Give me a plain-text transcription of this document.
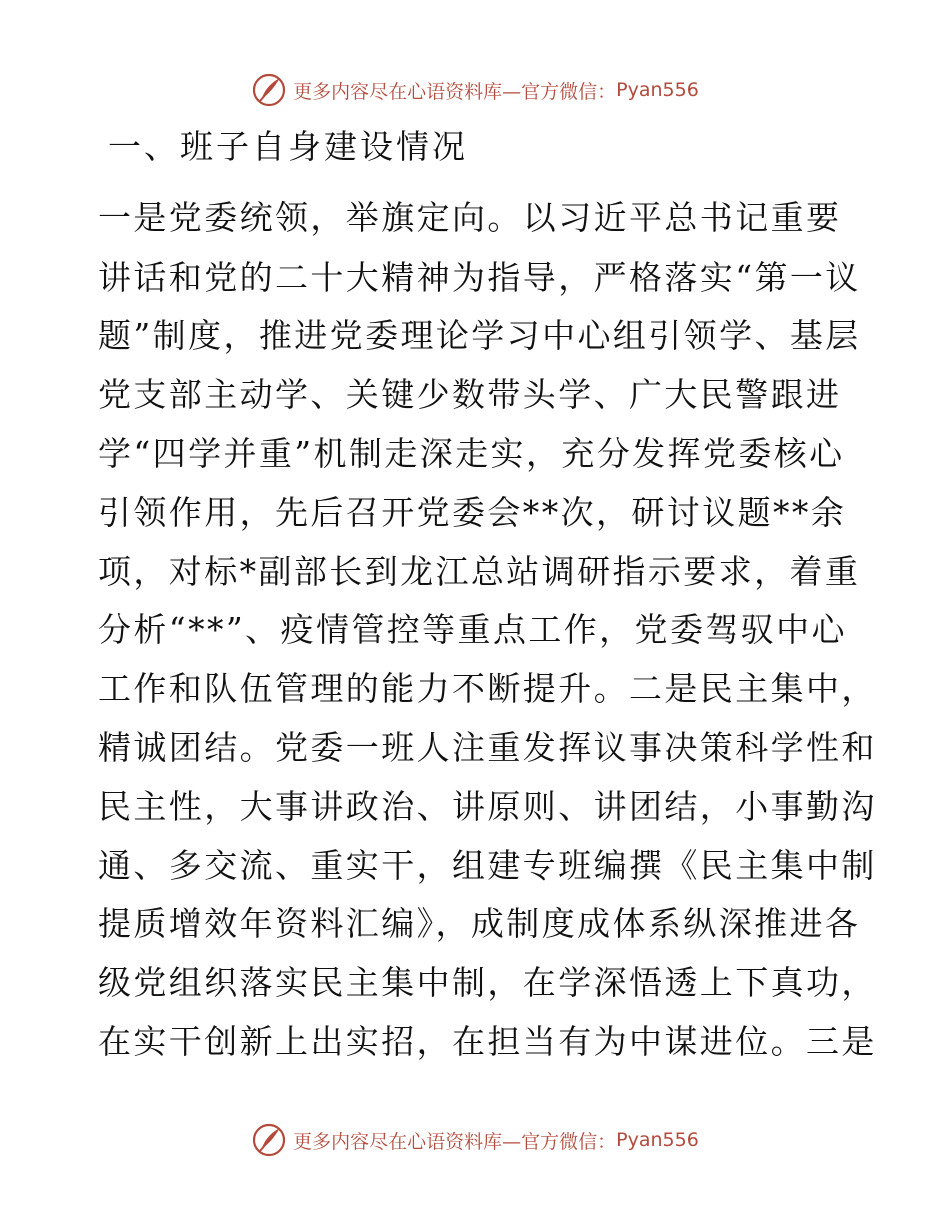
更多内容尽在心语资料库—官方微信： Pyan556
一、班子自身建设情况
一是党委统领，举旗定向。以习近平总书记重要
讲话和党的二十大精神为指导，严格落实“第一议
题”制度，推进党委理论学习中心组引领学、基层
党支部主动学、关键少数带头学、广大民警跟进
学“四学并重”机制走深走实，充分发挥党委核心
引领作用，先后召开党委会**次，研讨议题**余
项，对标*副部长到龙江总站调研指示要求，着重
分析“**”、疫情管控等重点工作，党委驾驭中心
工作和队伍管理的能力不断提升。二是民主集中，
精诚团结。党委一班人注重发挥议事决策科学性和
民主性，大事讲政治、讲原则、讲团结，小事勤沟
通、多交流、重实干，组建专班编撰《民主集中制
提质增效年资料汇编》，成制度成体系纵深推进各
级党组织落实民主集中制，在学深悟透上下真功，
在实干创新上出实招，在担当有为中谋进位。三是
更多内容尽在心语资料库—官方微信： Pyan556
